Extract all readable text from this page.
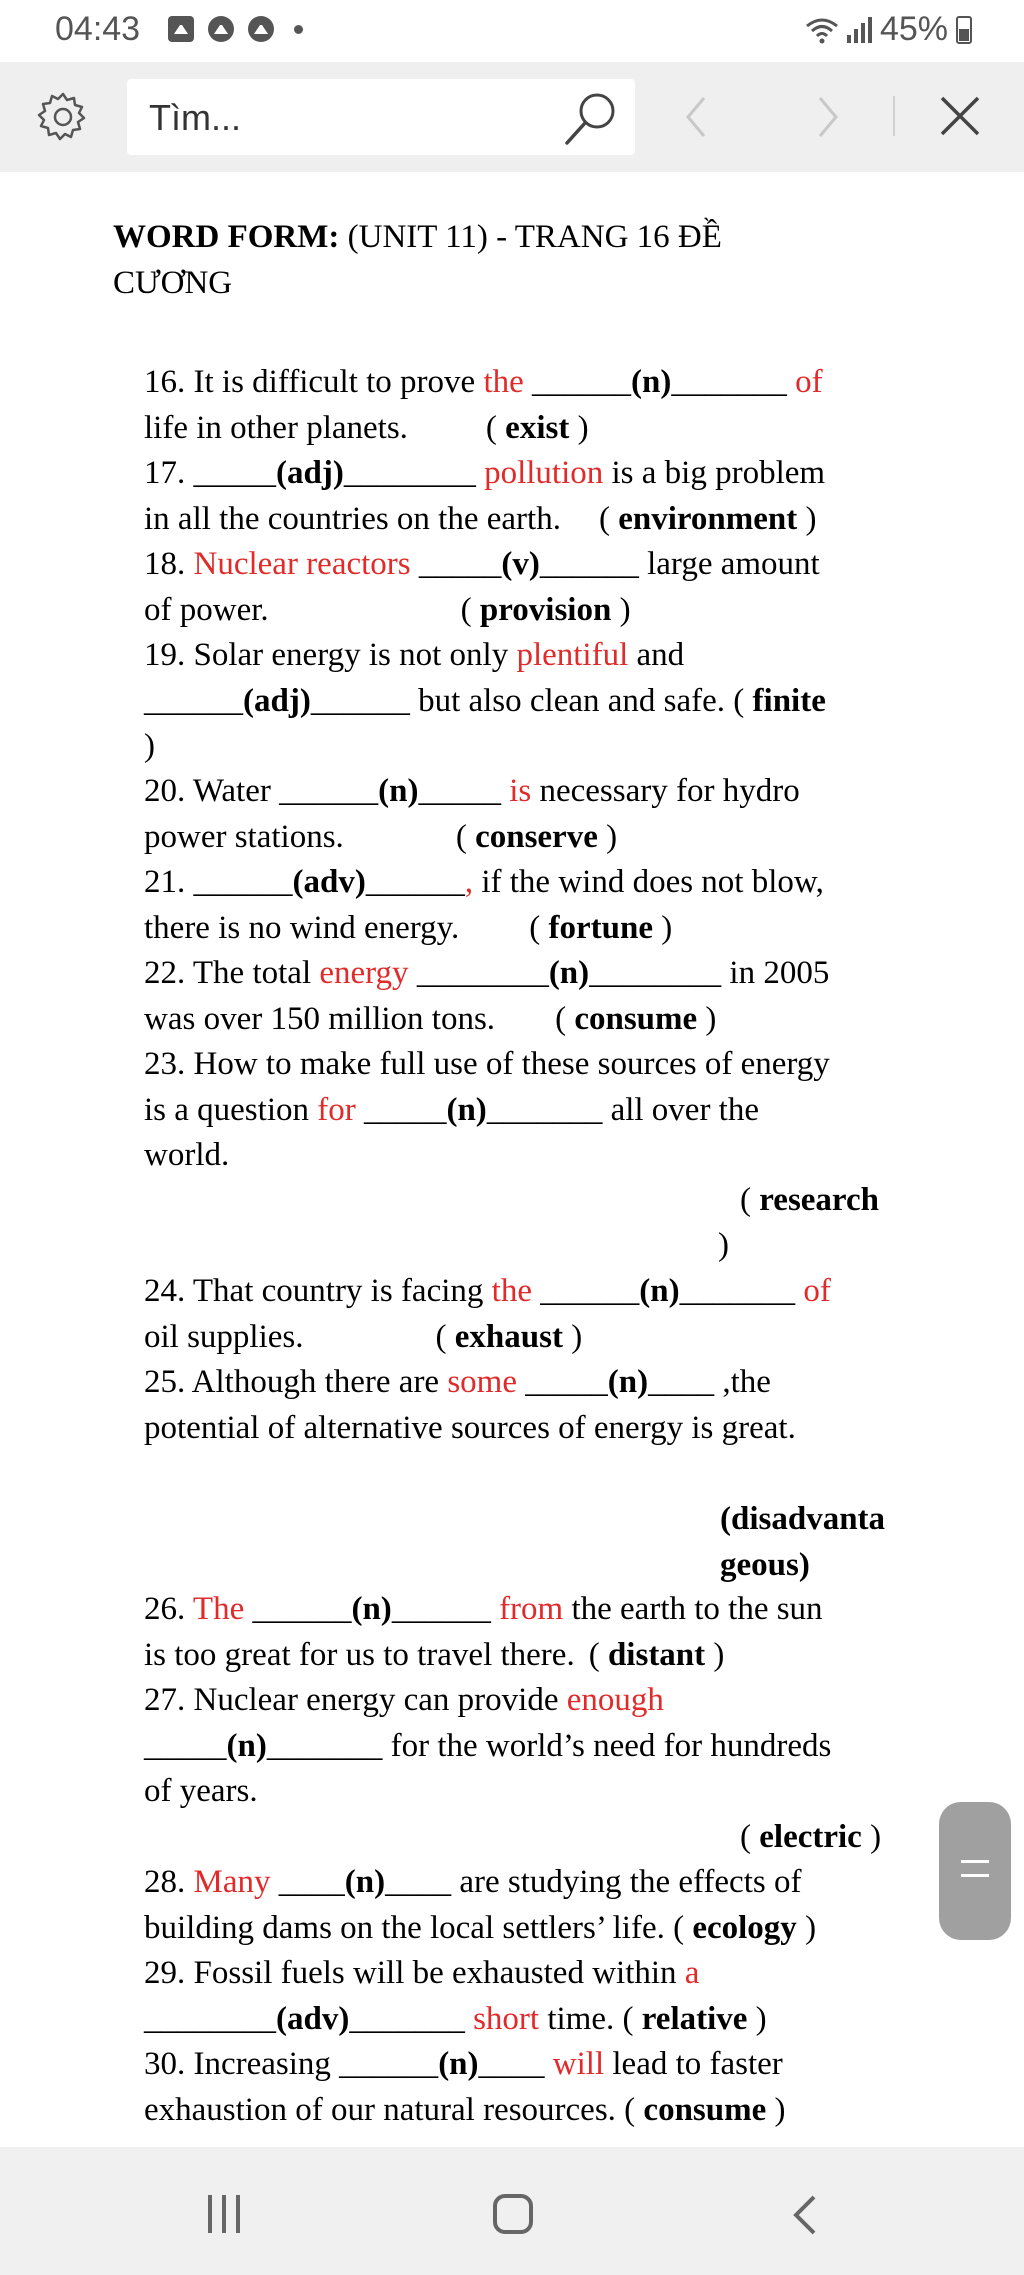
04:43	45%
Tìm...
WORD FORM: (UNIT 11) - TRANG 16 ĐỀ
CƯƠNG
16. It is difficult to prove the ______(n)_______ of
life in other planets. ( exist )
17. _____(adj)________ pollution is a big problem
in all the countries on the earth. ( environment )
18. Nuclear reactors _____(v)______ large amount
of power.	( provision )
19. Solar energy is not only plentiful and
______(adj)______ but also clean and safe. ( finite
)
20. Water ______(n)_____ is necessary for hydro
power stations.	( conserve )
21. ______(adv)______, if the wind does not blow,
there is no wind energy. ( fortune )
22. The total energy ________(n)________ in 2005
was over 150 million tons. ( consume )
23. How to make full use of these sources of energy
is a question for _____(n)_______ all over the
world.
( research
)
24. That country is facing the ______(n)_______ of
oil supplies.	( exhaust )
25. Although there are some _____(n)____ ,the
potential of alternative sources of energy is great.
(disadvanta
geous)
26. The ______(n)______ from the earth to the sun
is too great for us to travel there. ( distant )
27. Nuclear energy can provide enough
_____(n)_______ for the world’s need for hundreds
of years.
( electric )
28. Many ____(n)____ are studying the effects of
building dams on the local settlers’ life. ( ecology )
29. Fossil fuels will be exhausted within a
________(adv)_______ short time. ( relative )
30. Increasing ______(n)____ will lead to faster
exhaustion of our natural resources. ( consume )
